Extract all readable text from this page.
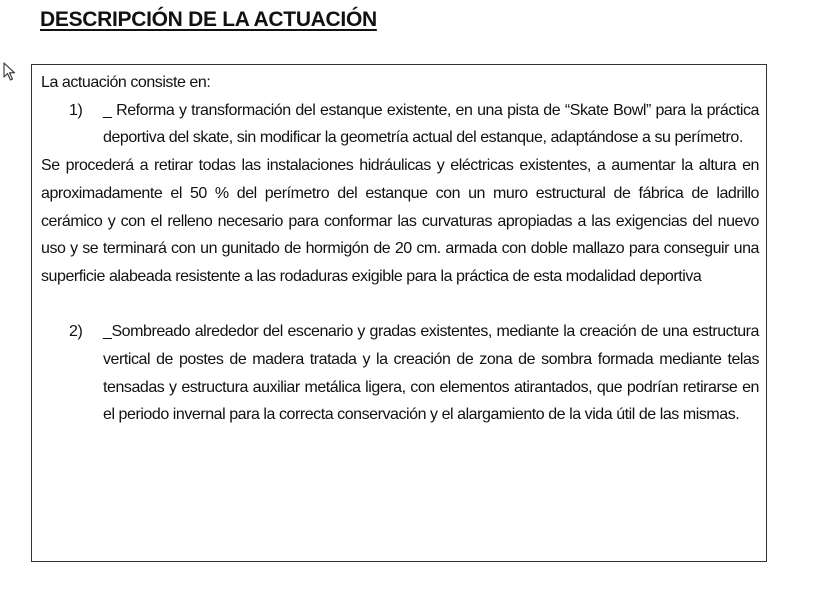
DESCRIPCIÓN DE LA ACTUACIÓN

La actuación consiste en:

1)	_ Reforma y transformación del estanque existente, en una pista de “Skate Bowl” para la práctica deportiva del skate, sin modificar la geometría actual del estanque, adaptándose a su perímetro.

Se procederá a retirar todas las instalaciones hidráulicas y eléctricas existentes, a aumentar la altura en aproximadamente el 50 % del perímetro del estanque con un muro estructural de fábrica de ladrillo cerámico y con el relleno necesario para conformar las curvaturas apropiadas a las exigencias del nuevo uso y se terminará con un gunitado de hormigón de 20 cm. armada con doble mallazo para conseguir una superficie alabeada resistente a las rodaduras exigible para la práctica de esta modalidad deportiva

2)	_Sombreado alrededor del escenario y gradas existentes, mediante la creación de una estructura vertical de postes de madera tratada y la creación de zona de sombra formada mediante telas tensadas y estructura auxiliar metálica ligera, con elementos atirantados, que podrían retirarse en el periodo invernal para la correcta conservación y el alargamiento de la vida útil de las mismas.
